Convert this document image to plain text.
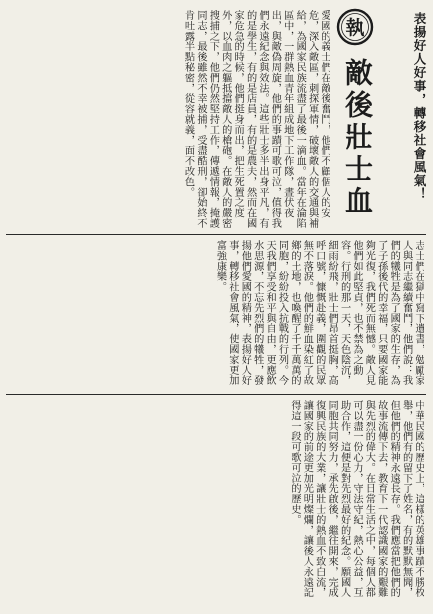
表揚好人好事，轉移社會風氣！
執
敵後壯士血
愛國的義士們在敵後奮鬥，他們不顧個人的安危，深入敵區，刺探軍情，破壞敵人的交通與補給，為國家民族流盡了最後一滴血。當年在淪陷區中，一群熱血青年組成地下工作隊，晝伏夜出，與敵偽周旋，他們的事蹟可歌可泣，值得我們永遠紀念與效法。這些壯士多半出身平凡，有的是學生，有的是店員，有的是農夫，然而在國家危急的時候，他們挺身而出，把生死置之度外，以血肉之軀抵擋敵人的槍砲。在敵人的嚴密搜捕之下，他們仍然堅持工作，傳遞情報，掩護同志，最後雖然不幸被捕，受盡酷刑，卻始終不肯吐露半點秘密，從容就義，面不改色。
志士們在獄中寫下遺書，勉勵家人與同志繼續奮鬥，他們說：我們的犧牲是為了國家的生存，為了子孫後代的幸福，只要國家能夠光復，我們死而無憾。敵人見他們如此堅貞，也不禁為之動容。行刑的那一天，天色陰沉，細雨紛飛，壯士們昂首挺胸，高呼口號，慷慨赴義，圍觀的民眾無不落淚。他們的鮮血染紅了故鄉的土地，也喚醒了千千萬萬的同胞，紛紛投入抗戰的行列。今天我們享受和平與自由，更應飲水思源，不忘先烈們的犧牲，發揚他們愛國的精神，表揚好人好事，轉移社會風氣，使國家更加富強康樂。
中華民國的歷史上，這樣的英雄事蹟不勝枚舉，他們有的留下了姓名，有的默默無聞，但他們的精神永遠長存。我們應當把他們的故事流傳下去，教育下一代認識國家的艱難與先烈的偉大。在日常生活之中，每個人都可以盡一份心力，守法守紀，熱心公益，互助合作，這便是對先烈最好的紀念。願國人同胞共同努力，承先啟後，繼往開來，完成復興民族的大業，讓壯士的熱血不致白流，讓國家的前途更加光明燦爛，讓後人永遠記得這一段可歌可泣的歷史。
